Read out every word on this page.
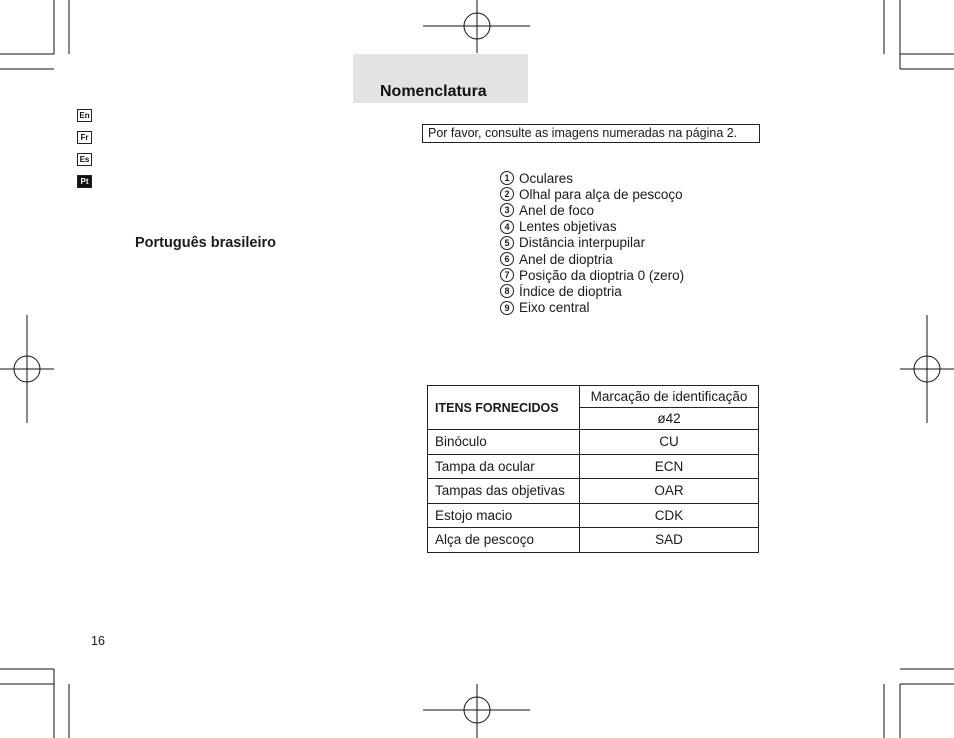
En
Fr
Es
Pt
Nomenclatura
Por favor, consulte as imagens numeradas na página 2.
Português brasileiro
1 Oculares
2 Olhal para alça de pescoço
3 Anel de foco
4 Lentes objetivas
5 Distância interpupilar
6 Anel de dioptria
7 Posição da dioptria 0 (zero)
8 Índice de dioptria
9 Eixo central
ITENS FORNECIDOS	Marcação de identificação
	ø42
Binóculo	CU
Tampa da ocular	ECN
Tampas das objetivas	OAR
Estojo macio	CDK
Alça de pescoço	SAD
16
